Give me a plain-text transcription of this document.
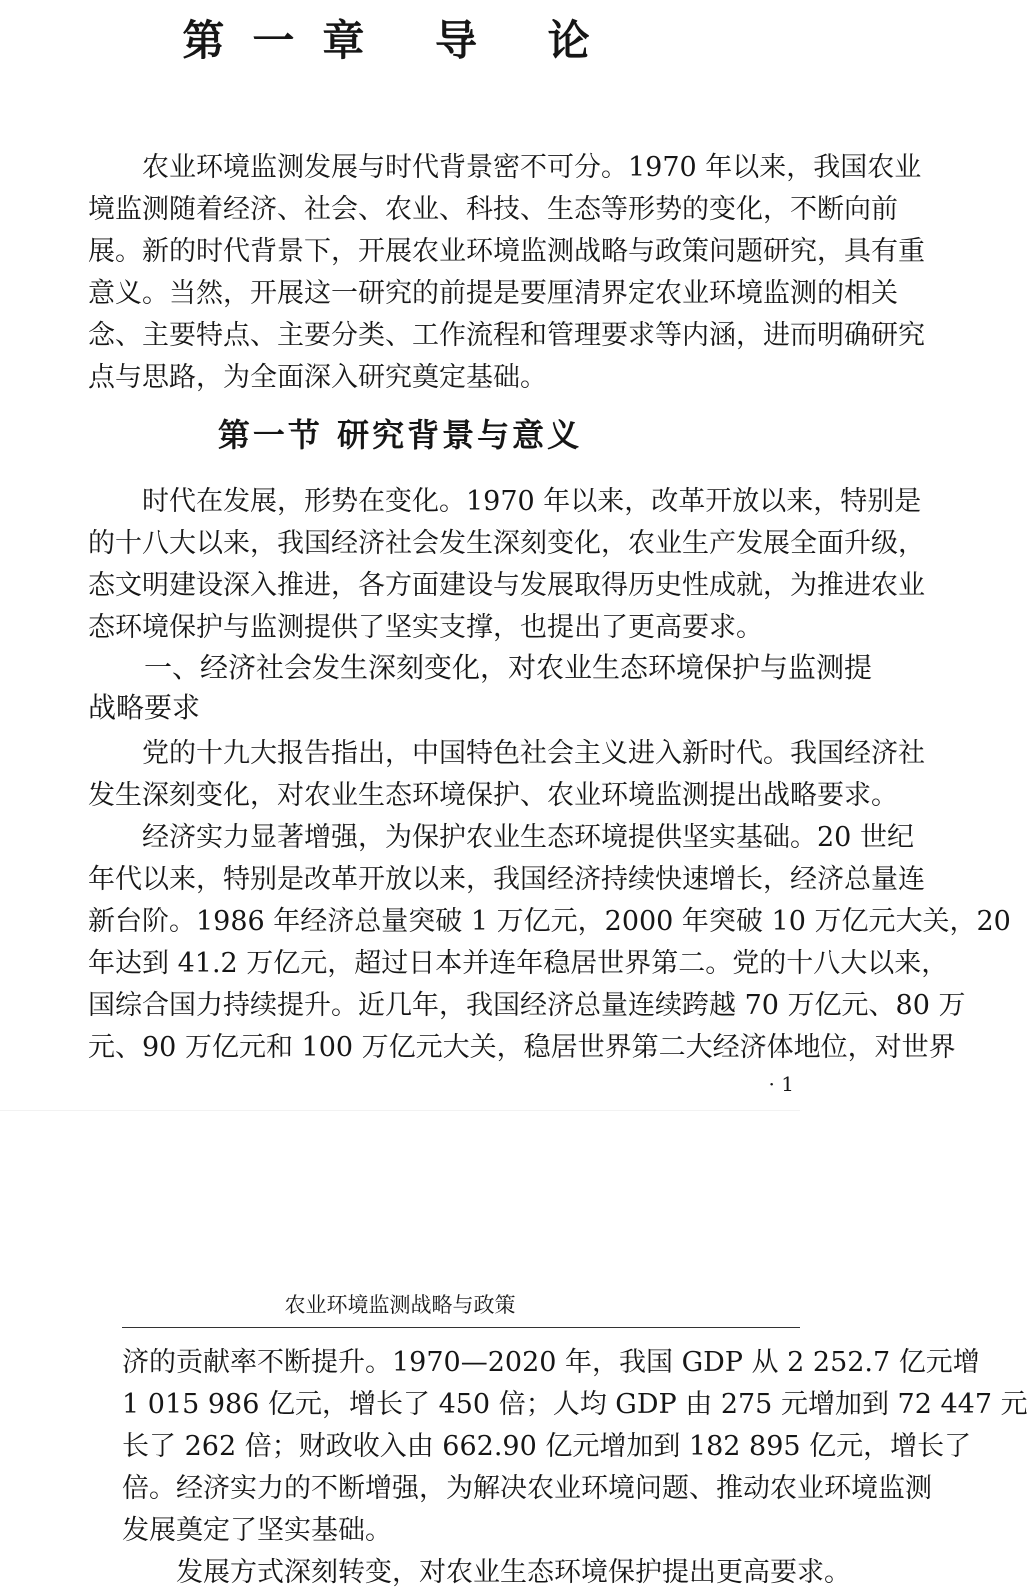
第一章 导 论
　　农业环境监测发展与时代背景密不可分。1970 年以来，我国农业
境监测随着经济、社会、农业、科技、生态等形势的变化，不断向前
展。新的时代背景下，开展农业环境监测战略与政策问题研究，具有重
意义。当然，开展这一研究的前提是要厘清界定农业环境监测的相关
念、主要特点、主要分类、工作流程和管理要求等内涵，进而明确研究
点与思路，为全面深入研究奠定基础。
第一节 研究背景与意义
　　时代在发展，形势在变化。1970 年以来，改革开放以来，特别是
的十八大以来，我国经济社会发生深刻变化，农业生产发展全面升级，
态文明建设深入推进，各方面建设与发展取得历史性成就，为推进农业
态环境保护与监测提供了坚实支撑，也提出了更高要求。
　　一、经济社会发生深刻变化，对农业生态环境保护与监测提
战略要求
　　党的十九大报告指出，中国特色社会主义进入新时代。我国经济社
发生深刻变化，对农业生态环境保护、农业环境监测提出战略要求。
　　经济实力显著增强，为保护农业生态环境提供坚实基础。20 世纪
年代以来，特别是改革开放以来，我国经济持续快速增长，经济总量连
新台阶。1986 年经济总量突破 1 万亿元，2000 年突破 10 万亿元大关，20
年达到 41.2 万亿元，超过日本并连年稳居世界第二。党的十八大以来，
国综合国力持续提升。近几年，我国经济总量连续跨越 70 万亿元、80 万
元、90 万亿元和 100 万亿元大关，稳居世界第二大经济体地位，对世界
· 1
农业环境监测战略与政策
济的贡献率不断提升。1970—2020 年，我国 GDP 从 2 252.7 亿元增
1 015 986 亿元，增长了 450 倍；人均 GDP 由 275 元增加到 72 447 元
长了 262 倍；财政收入由 662.90 亿元增加到 182 895 亿元，增长了
倍。经济实力的不断增强，为解决农业环境问题、推动农业环境监测
发展奠定了坚实基础。
　　发展方式深刻转变，对农业生态环境保护提出更高要求。
